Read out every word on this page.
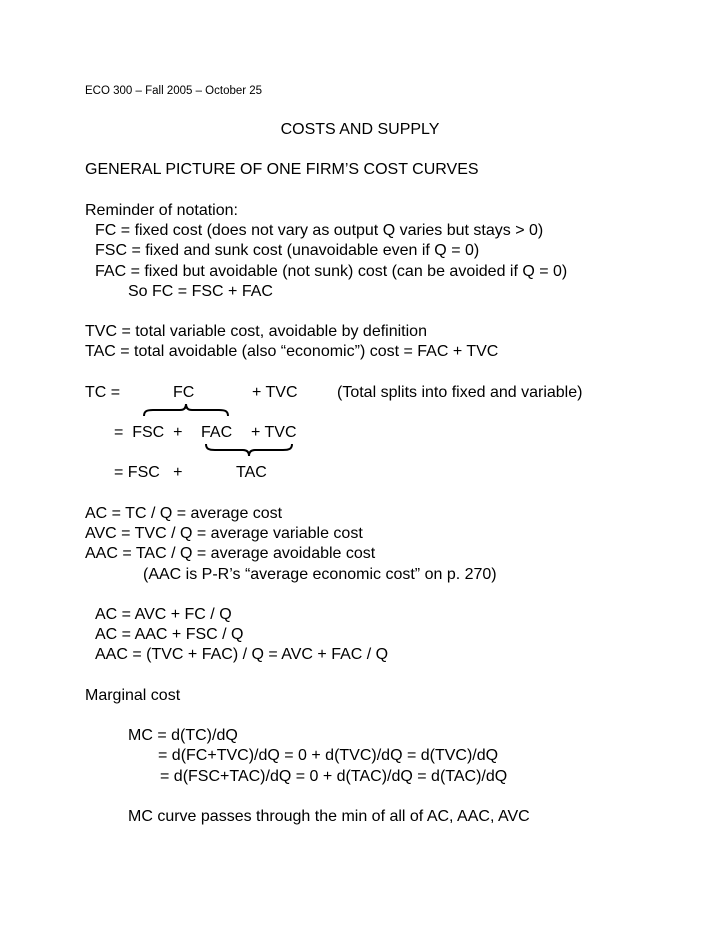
ECO 300 – Fall 2005 – October 25

COSTS AND SUPPLY

GENERAL PICTURE OF ONE FIRM’S COST CURVES

Reminder of notation:

FC = fixed cost (does not vary as output Q varies but stays > 0)

FSC = fixed and sunk cost (unavoidable even if Q = 0)

FAC = fixed but avoidable (not sunk) cost (can be avoided if Q = 0)

So FC = FSC + FAC

TVC = total variable cost, avoidable by definition

TAC = total avoidable (also “economic”) cost = FAC + TVC

TC =	FC	+ TVC (Total splits into fixed and variable)

=  FSC  + FAC + TVC

= FSC   +	TAC

AC = TC / Q = average cost

AVC = TVC / Q = average variable cost

AAC = TAC / Q = average avoidable cost

(AAC is P-R’s “average economic cost” on p. 270)

AC = AVC + FC / Q

AC = AAC + FSC / Q

AAC = (TVC + FAC) / Q = AVC + FAC / Q

Marginal cost

MC = d(TC)/dQ

= d(FC+TVC)/dQ = 0 + d(TVC)/dQ = d(TVC)/dQ

= d(FSC+TAC)/dQ = 0 + d(TAC)/dQ = d(TAC)/dQ

MC curve passes through the min of all of AC, AAC, AVC
